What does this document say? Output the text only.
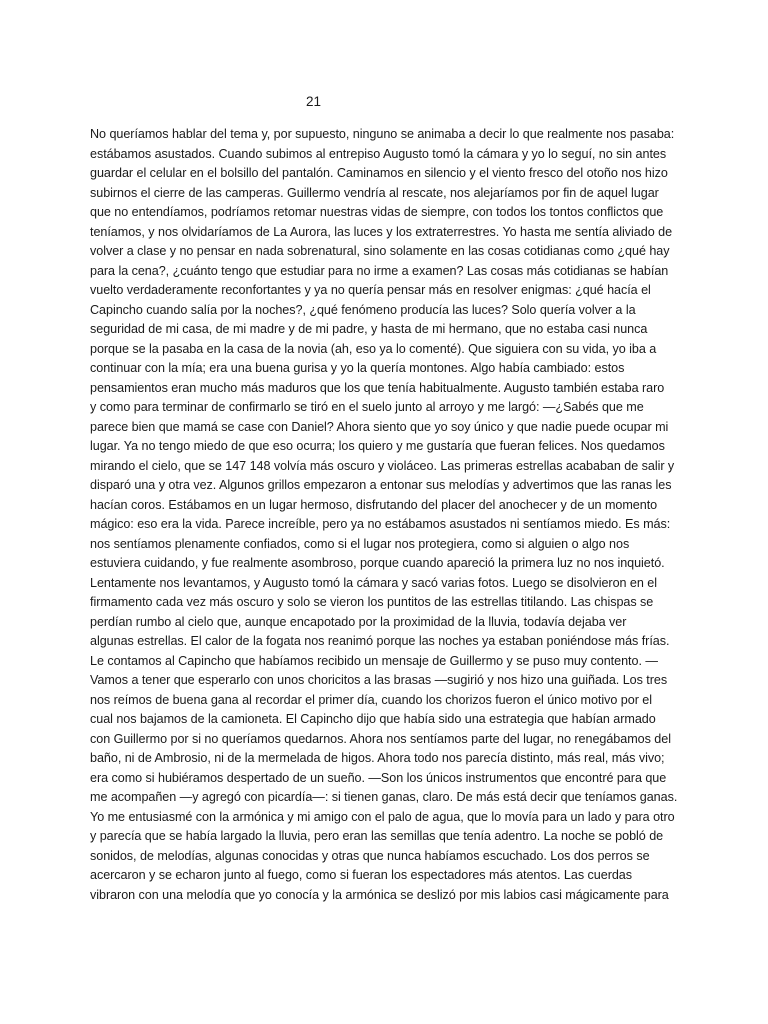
21
No queríamos hablar del tema y, por supuesto, ninguno se animaba a decir lo que realmente nos pasaba:
estábamos asustados. Cuando subimos al entrepiso Augusto tomó la cámara y yo lo seguí, no sin antes
guardar el celular en el bolsillo del pantalón. Caminamos en silencio y el viento fresco del otoño nos hizo
subirnos el cierre de las camperas. Guillermo vendría al rescate, nos alejaríamos por fin de aquel lugar
que no entendíamos, podríamos retomar nuestras vidas de siempre, con todos los tontos conflictos que
teníamos, y nos olvidaríamos de La Aurora, las luces y los extraterrestres. Yo hasta me sentía aliviado de
volver a clase y no pensar en nada sobrenatural, sino solamente en las cosas cotidianas como ¿qué hay
para la cena?, ¿cuánto tengo que estudiar para no irme a examen? Las cosas más cotidianas se habían
vuelto verdaderamente reconfortantes y ya no quería pensar más en resolver enigmas: ¿qué hacía el
Capincho cuando salía por la noches?, ¿qué fenómeno producía las luces? Solo quería volver a la
seguridad de mi casa, de mi madre y de mi padre, y hasta de mi hermano, que no estaba casi nunca
porque se la pasaba en la casa de la novia (ah, eso ya lo comenté). Que siguiera con su vida, yo iba a
continuar con la mía; era una buena gurisa y yo la quería montones. Algo había cambiado: estos
pensamientos eran mucho más maduros que los que tenía habitualmente. Augusto también estaba raro
y como para terminar de confirmarlo se tiró en el suelo junto al arroyo y me largó: —¿Sabés que me
parece bien que mamá se case con Daniel? Ahora siento que yo soy único y que nadie puede ocupar mi
lugar. Ya no tengo miedo de que eso ocurra; los quiero y me gustaría que fueran felices. Nos quedamos
mirando el cielo, que se 147 148 volvía más oscuro y violáceo. Las primeras estrellas acababan de salir y
disparó una y otra vez. Algunos grillos empezaron a entonar sus melodías y advertimos que las ranas les
hacían coros. Estábamos en un lugar hermoso, disfrutando del placer del anochecer y de un momento
mágico: eso era la vida. Parece increíble, pero ya no estábamos asustados ni sentíamos miedo. Es más:
nos sentíamos plenamente confiados, como si el lugar nos protegiera, como si alguien o algo nos
estuviera cuidando, y fue realmente asombroso, porque cuando apareció la primera luz no nos inquietó.
Lentamente nos levantamos, y Augusto tomó la cámara y sacó varias fotos. Luego se disolvieron en el
firmamento cada vez más oscuro y solo se vieron los puntitos de las estrellas titilando. Las chispas se
perdían rumbo al cielo que, aunque encapotado por la proximidad de la lluvia, todavía dejaba ver
algunas estrellas. El calor de la fogata nos reanimó porque las noches ya estaban poniéndose más frías.
Le contamos al Capincho que habíamos recibido un mensaje de Guillermo y se puso muy contento. —
Vamos a tener que esperarlo con unos choricitos a las brasas —sugirió y nos hizo una guiñada. Los tres
nos reímos de buena gana al recordar el primer día, cuando los chorizos fueron el único motivo por el
cual nos bajamos de la camioneta. El Capincho dijo que había sido una estrategia que habían armado
con Guillermo por si no queríamos quedarnos. Ahora nos sentíamos parte del lugar, no renegábamos del
baño, ni de Ambrosio, ni de la mermelada de higos. Ahora todo nos parecía distinto, más real, más vivo;
era como si hubiéramos despertado de un sueño. —Son los únicos instrumentos que encontré para que
me acompañen —y agregó con picardía—: si tienen ganas, claro. De más está decir que teníamos ganas.
Yo me entusiasmé con la armónica y mi amigo con el palo de agua, que lo movía para un lado y para otro
y parecía que se había largado la lluvia, pero eran las semillas que tenía adentro. La noche se pobló de
sonidos, de melodías, algunas conocidas y otras que nunca habíamos escuchado. Los dos perros se
acercaron y se echaron junto al fuego, como si fueran los espectadores más atentos. Las cuerdas
vibraron con una melodía que yo conocía y la armónica se deslizó por mis labios casi mágicamente para
